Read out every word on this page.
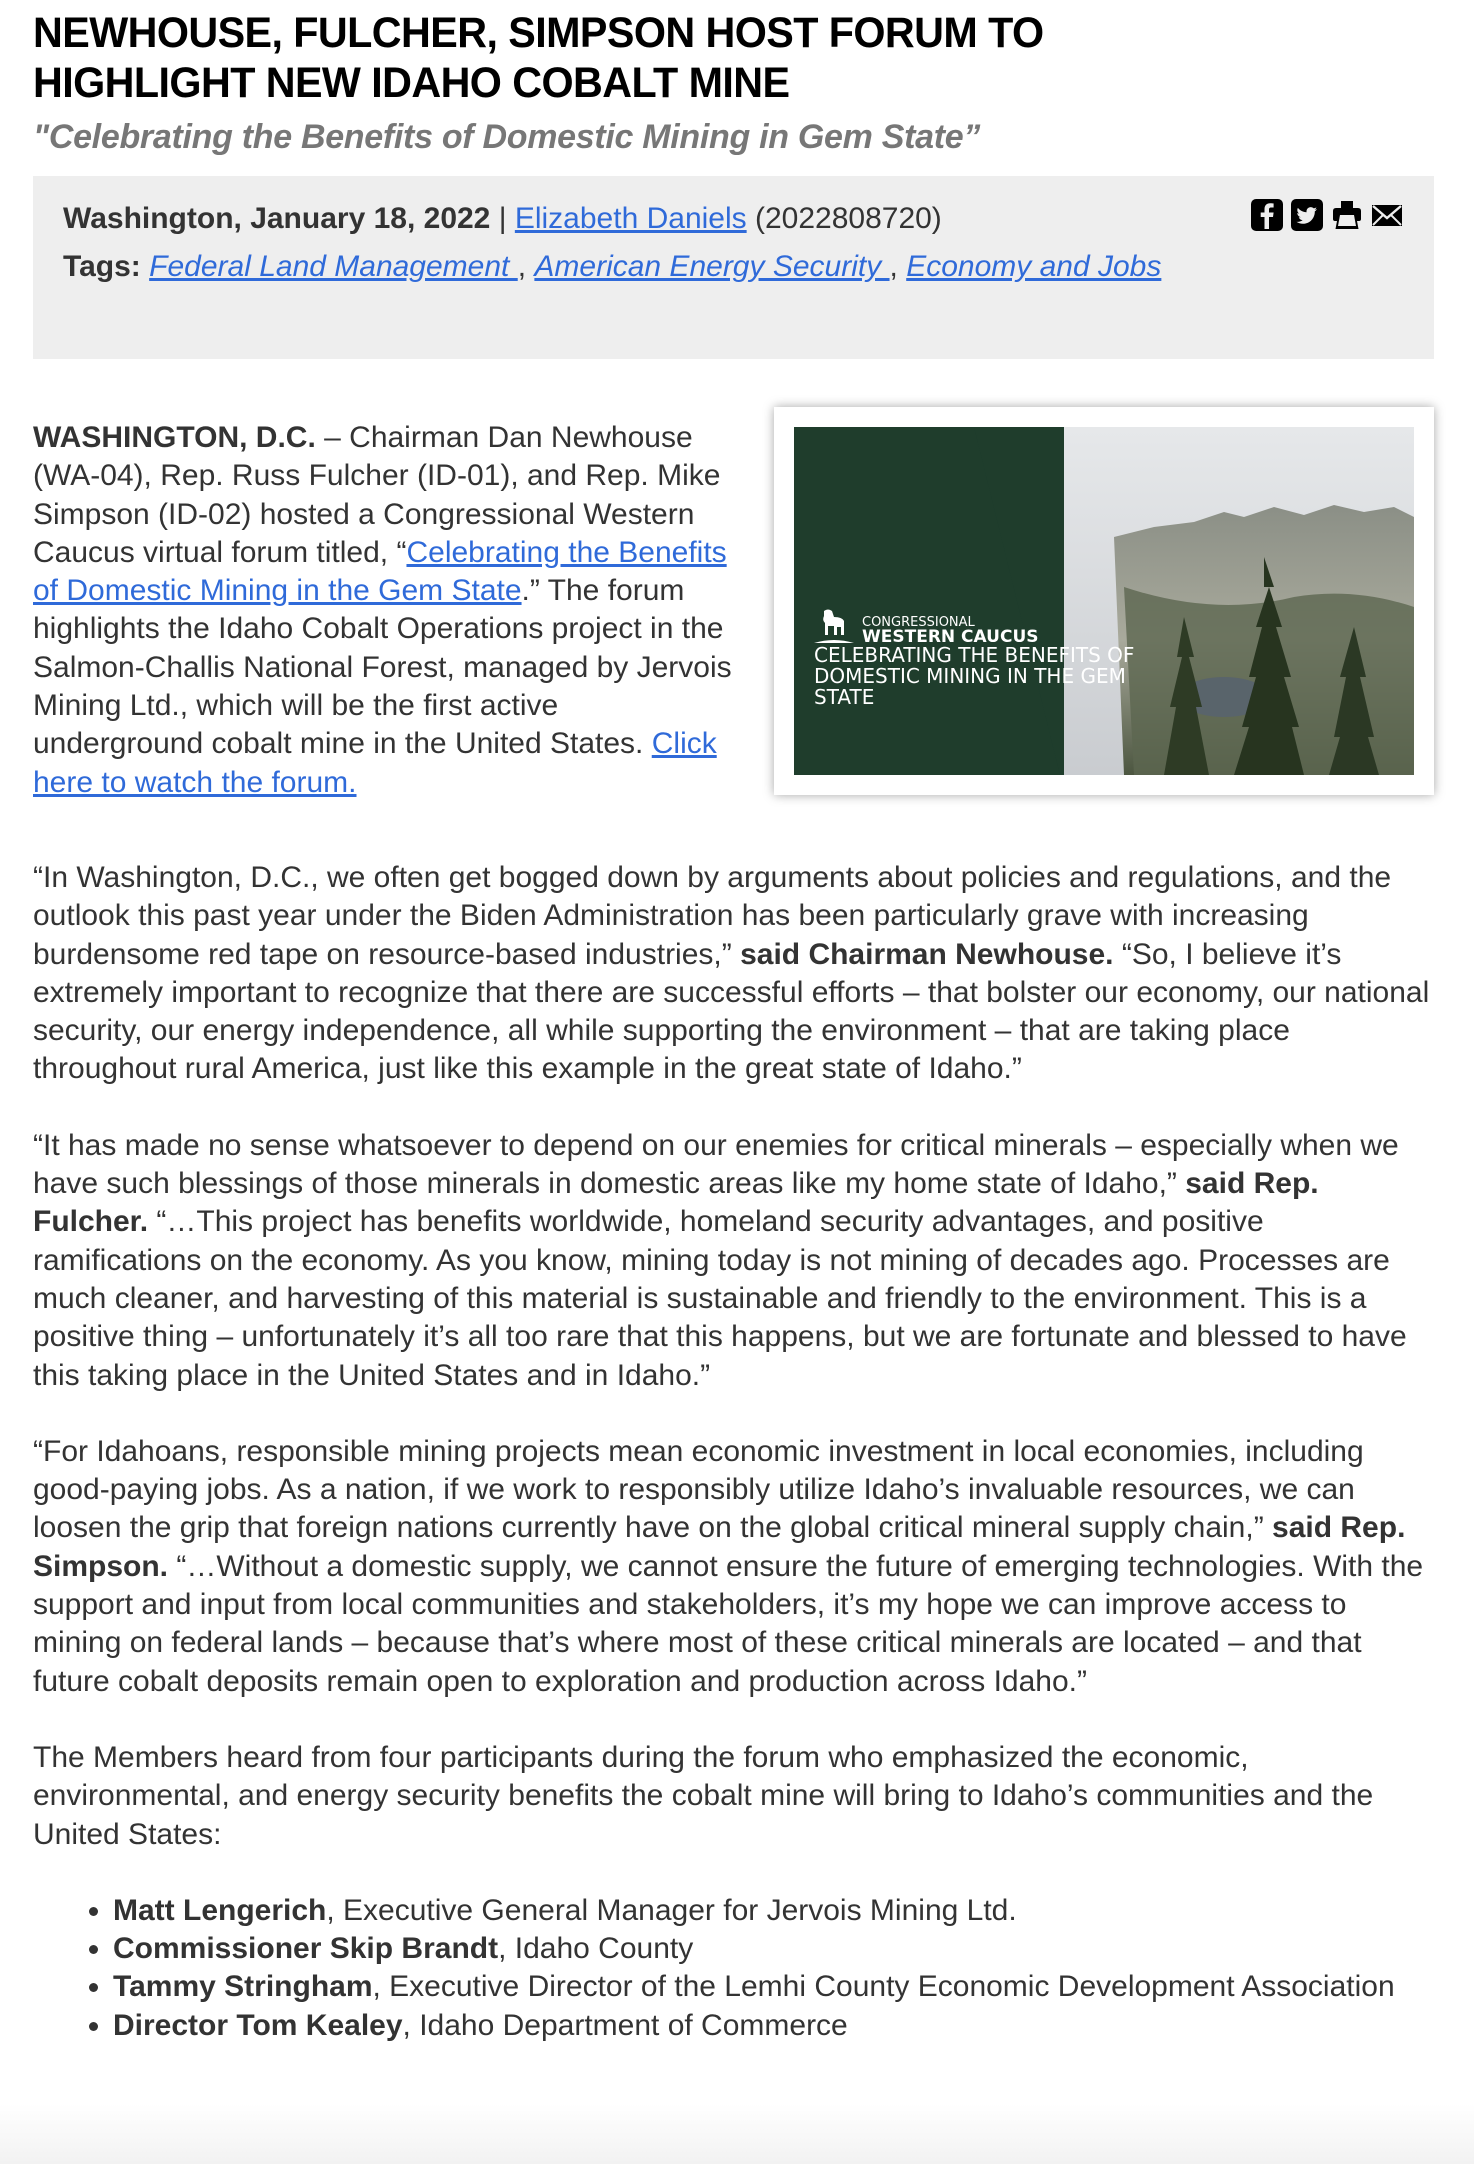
NEWHOUSE, FULCHER, SIMPSON HOST FORUM TO HIGHLIGHT NEW IDAHO COBALT MINE
"Celebrating the Benefits of Domestic Mining in Gem State”
Washington, January 18, 2022 | Elizabeth Daniels (2022808720)
Tags: Federal Land Management , American Energy Security , Economy and Jobs
CONGRESSIONAL
WESTERN CAUCUS
CELEBRATING THE BENEFITS OF DOMESTIC MINING IN THE GEM STATE

WASHINGTON, D.C. – Chairman Dan Newhouse (WA-04), Rep. Russ Fulcher (ID-01), and Rep. Mike Simpson (ID-02) hosted a Congressional Western Caucus virtual forum titled, “Celebrating the Benefits of Domestic Mining in the Gem State.” The forum highlights the Idaho Cobalt Operations project in the Salmon-Challis National Forest, managed by Jervois Mining Ltd., which will be the first active underground cobalt mine in the United States. Click here to watch the forum.

“In Washington, D.C., we often get bogged down by arguments about policies and regulations, and the outlook this past year under the Biden Administration has been particularly grave with increasing burdensome red tape on resource-based industries,” said Chairman Newhouse. “So, I believe it’s extremely important to recognize that there are successful efforts – that bolster our economy, our national security, our energy independence, all while supporting the environment – that are taking place throughout rural America, just like this example in the great state of Idaho.”

“It has made no sense whatsoever to depend on our enemies for critical minerals – especially when we have such blessings of those minerals in domestic areas like my home state of Idaho,” said Rep. Fulcher. “…This project has benefits worldwide, homeland security advantages, and positive ramifications on the economy. As you know, mining today is not mining of decades ago. Processes are much cleaner, and harvesting of this material is sustainable and friendly to the environment. This is a positive thing – unfortunately it’s all too rare that this happens, but we are fortunate and blessed to have this taking place in the United States and in Idaho.”

“For Idahoans, responsible mining projects mean economic investment in local economies, including good-paying jobs. As a nation, if we work to responsibly utilize Idaho’s invaluable resources, we can loosen the grip that foreign nations currently have on the global critical mineral supply chain,” said Rep. Simpson. “…Without a domestic supply, we cannot ensure the future of emerging technologies. With the support and input from local communities and stakeholders, it’s my hope we can improve access to mining on federal lands – because that’s where most of these critical minerals are located – and that future cobalt deposits remain open to exploration and production across Idaho.”

The Members heard from four participants during the forum who emphasized the economic, environmental, and energy security benefits the cobalt mine will bring to Idaho’s communities and the United States:

• Matt Lengerich, Executive General Manager for Jervois Mining Ltd.
• Commissioner Skip Brandt, Idaho County
• Tammy Stringham, Executive Director of the Lemhi County Economic Development Association
• Director Tom Kealey, Idaho Department of Commerce
